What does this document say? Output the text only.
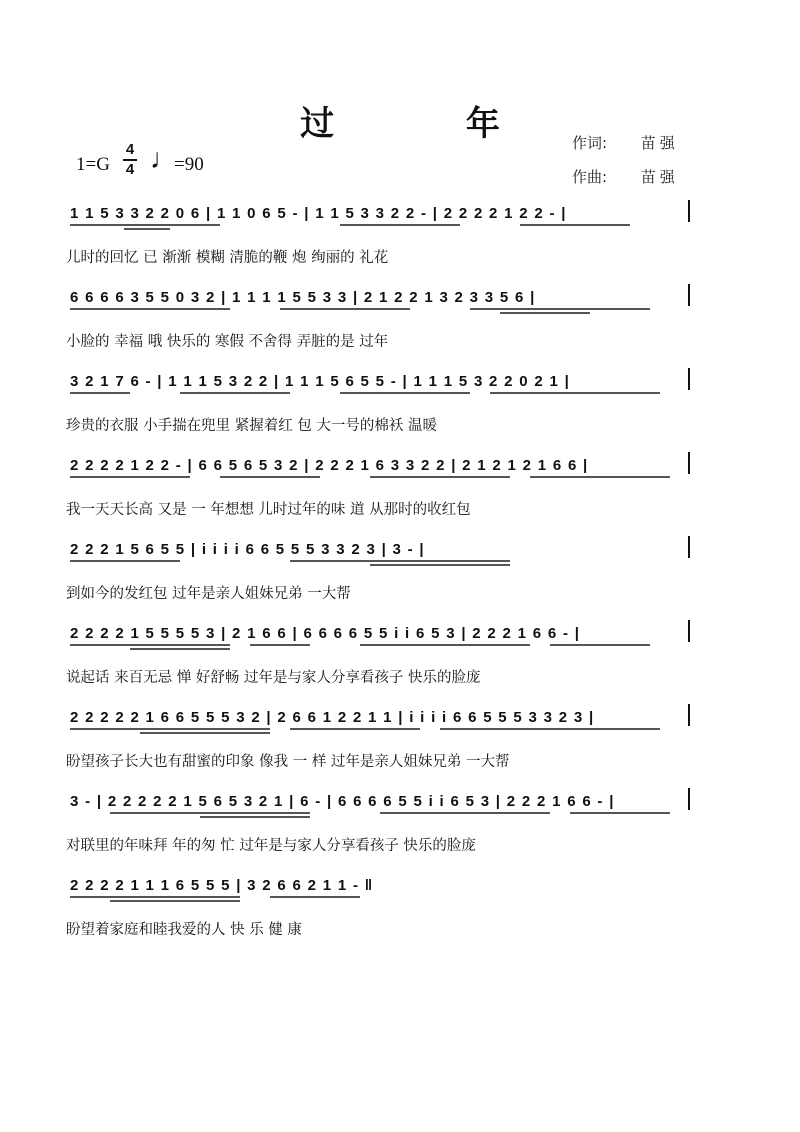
过 年
1=G
4
4 ♩
=90
作词: 苗强
作曲: 苗强
1 1 5 3 3 2 2 0 6 | 1 1 0 6 5 - | 1 1 5 3 3 2 2 - | 2 2 2 2 1 2 2 - |
儿时的回忆 已 渐渐 模糊 清脆的鞭 炮 绚丽的 礼花
6 6 6 6 3 5 5 0 3 2 | 1 1 1 1 5 5 3 3 | 2 1 2 2 1 3 2 3 3 5 6 |
小脸的 幸福 哦 快乐的 寒假 不舍得 弄脏的是 过年
3 2 1 7 6 - | 1 1 1 5 3 2 2 | 1 1 1 5 6 5 5 - | 1 1 1 5 3 2 2 0 2 1 |
珍贵的衣服 小手揣在兜里 紧握着红 包 大一号的棉袄 温暖
2 2 2 2 1 2 2 - | 6 6 5 6 5 3 2 | 2 2 2 1 6 3 3 2 2 | 2 1 2 1 2 1 6 6 |
我一天天长高 又是 一 年想想 儿时过年的味 道 从那时的收红包
2 2 2 1 5 6 5 5 | i i i i 6 6 5 5 5 3 3 2 3 | 3 - |
到如今的发红包 过年是亲人姐妹兄弟 一大帮
2 2 2 2 1 5 5 5 5 3 | 2 1 6 6 | 6 6 6 6 5 5 i i 6 5 3 | 2 2 2 1 6 6 - |
说起话 来百无忌 惮 好舒畅 过年是与家人分享看孩子 快乐的脸庞
2 2 2 2 2 1 6 6 5 5 5 3 2 | 2 6 6 1 2 2 1 1 | i i i i 6 6 5 5 5 3 3 2 3 |
盼望孩子长大也有甜蜜的印象 像我 一 样 过年是亲人姐妹兄弟 一大帮
3 - | 2 2 2 2 2 1 5 6 5 3 2 1 | 6 - | 6 6 6 6 5 5 i i 6 5 3 | 2 2 2 1 6 6 - |
对联里的年味拜 年的匆 忙 过年是与家人分享看孩子 快乐的脸庞
2 2 2 2 1 1 1 6 5 5 5 | 3 2 6 6 2 1 1 - ‖
盼望着家庭和睦我爱的人 快 乐 健 康
